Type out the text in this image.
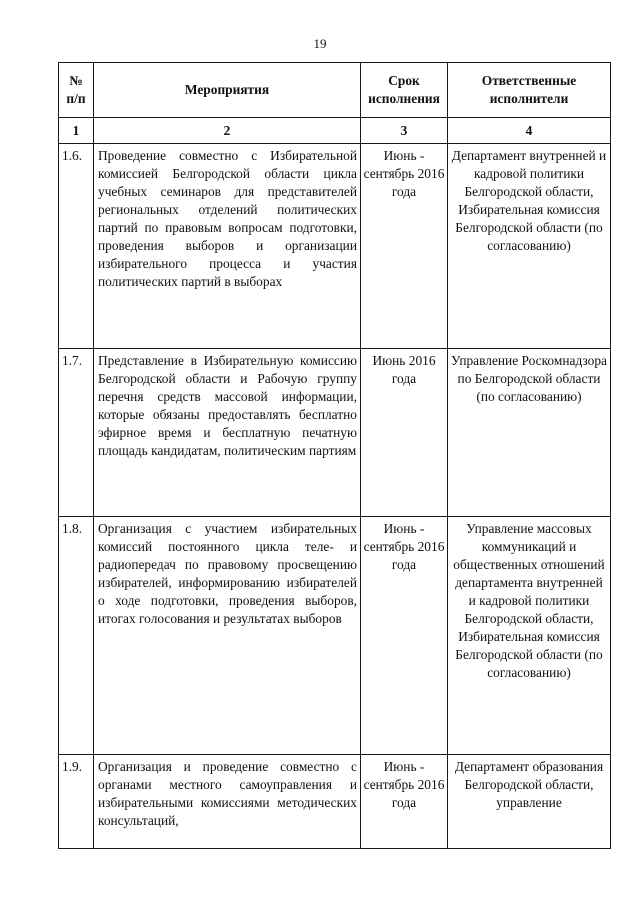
19
№ п/п	Мероприятия	Срок исполнения	Ответственные исполнители
1	2	3	4
1.6.	Проведение совместно с Избирательной комиссией Белгородской области цикла учебных семинаров для представителей региональных отделений политических партий по правовым вопросам подготовки, проведения выборов и организации избирательного процесса и участия политических партий в выборах	Июнь - сентябрь 2016 года	Департамент внутренней и кадровой политики Белгородской области, Избирательная комиссия Белгородской области (по согласованию)
1.7.	Представление в Избирательную комиссию Белгородской области и Рабочую группу перечня средств массовой информации, которые обязаны предоставлять бесплатно эфирное время и бесплатную печатную площадь кандидатам, политическим партиям	Июнь 2016 года	Управление Роскомнадзора по Белгородской области (по согласованию)
1.8.	Организация с участием избирательных комиссий постоянного цикла теле- и радиопередач по правовому просвещению избирателей, информированию избирателей о ходе подготовки, проведения выборов, итогах голосования и результатах выборов	Июнь - сентябрь 2016 года	Управление массовых коммуникаций и общественных отношений департамента внутренней и кадровой политики Белгородской области, Избирательная комиссия Белгородской области (по согласованию)
1.9.	Организация и проведение совместно с органами местного самоуправления и избирательными комиссиями методических консультаций,	Июнь - сентябрь 2016 года	Департамент образования Белгородской области, управление
